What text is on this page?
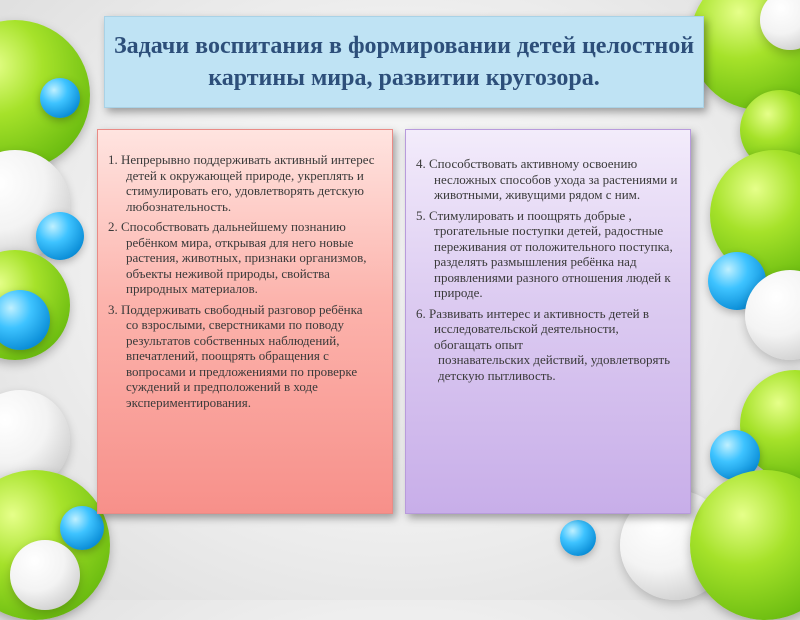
Задачи воспитания в формировании детей целостной картины мира, развитии кругозора.

1. Непрерывно поддерживать активный интерес детей к окружающей природе, укреплять и стимулировать его, удовлетворять детскую любознательность.

2. Способствовать дальнейшему познанию ребёнком мира, открывая для него новые растения, животных, признаки организмов, объекты неживой природы, свойства природных материалов.

3. Поддерживать свободный разговор ребёнка со взрослыми, сверстниками по поводу результатов собственных наблюдений, впечатлений, поощрять обращения с вопросами и предложениями по проверке суждений и предположений в ходе экспериментирования.

4. Способствовать активному освоению несложных способов ухода за растениями и животными, живущими рядом с ним.

5. Стимулировать и поощрять добрые , трогательные поступки детей, радостные переживания от положительного поступка, разделять размышления ребёнка над проявлениями разного отношения людей к природе.

6. Развивать интерес и активность детей в исследовательской деятельности, обогащать опыт

познавательских действий, удовлетворять детскую пытливость.
